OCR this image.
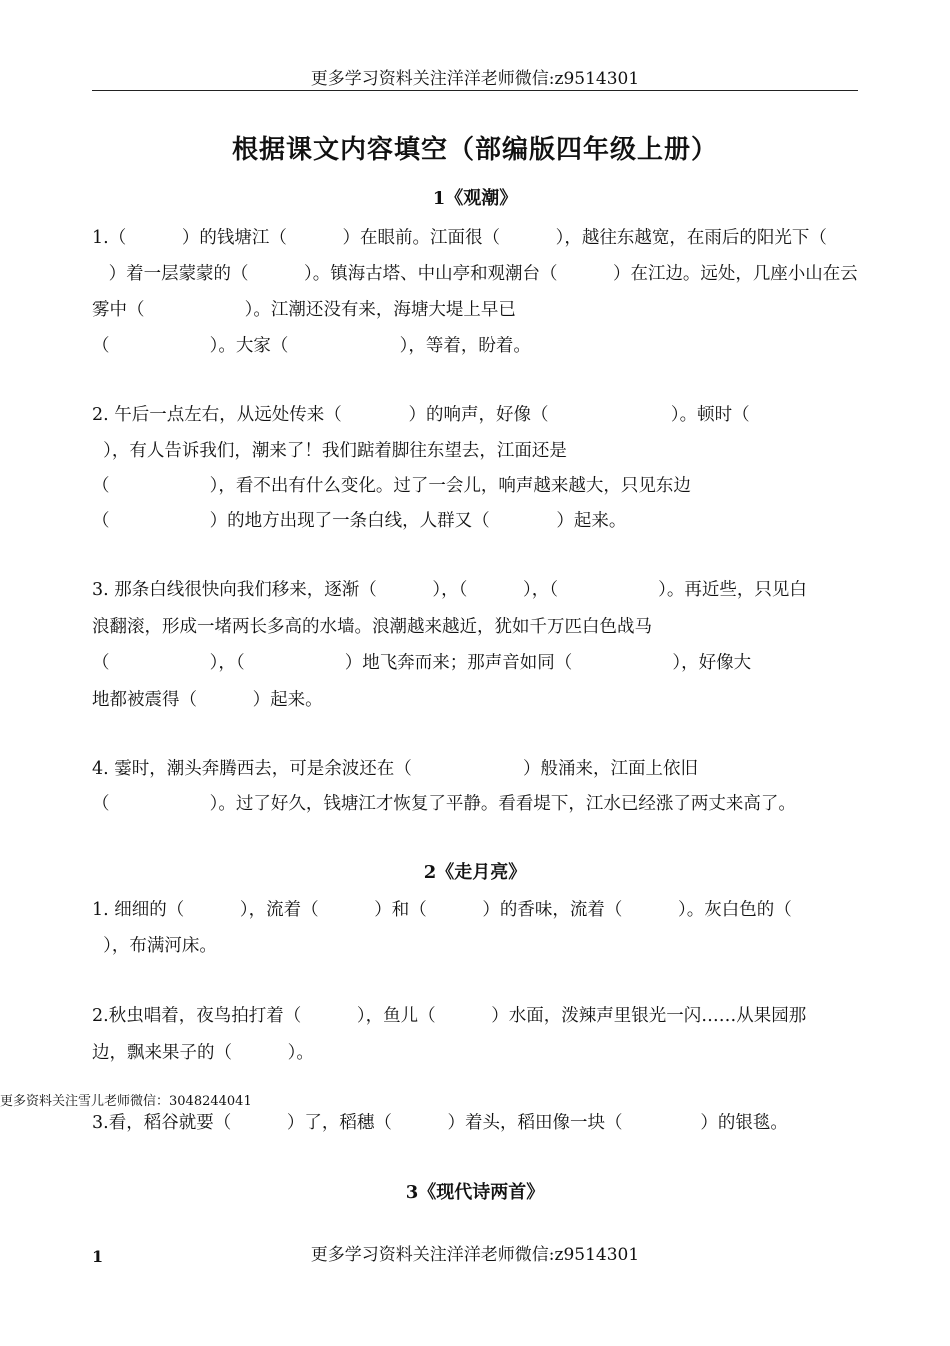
更多学习资料关注洋洋老师微信:z9514301
根据课文内容填空（部编版四年级上册）
1《观潮》
1.（          ）的钱塘江（          ）在眼前。江面很（          ），越往东越宽，在雨后的阳光下（
）着一层蒙蒙的（          ）。镇海古塔、中山亭和观潮台（          ）在江边。远处，几座小山在云
雾中（                  ）。江潮还没有来，海塘大堤上早已
（                  ）。大家（                    ），等着，盼着。
2. 午后一点左右，从远处传来（            ）的响声，好像（                      ）。顿时（
），有人告诉我们，潮来了！我们踮着脚往东望去，江面还是
（                  ），看不出有什么变化。过了一会儿，响声越来越大，只见东边
（                  ）的地方出现了一条白线，人群又（            ）起来。
3. 那条白线很快向我们移来，逐渐（          ），（          ），（                  ）。再近些，只见白
浪翻滚，形成一堵两长多高的水墙。浪潮越来越近，犹如千万匹白色战马
（                  ），（                  ）地飞奔而来；那声音如同（                  ），好像大
地都被震得（          ）起来。
4. 霎时，潮头奔腾西去，可是余波还在（                    ）般涌来，江面上依旧
（                  ）。过了好久，钱塘江才恢复了平静。看看堤下，江水已经涨了两丈来高了。
2《走月亮》
1. 细细的（          ），流着（          ）和（          ）的香味，流着（          ）。灰白色的（
），布满河床。
2.秋虫唱着，夜鸟拍打着（          ），鱼儿（          ）水面，泼辣声里银光一闪……从果园那
边，飘来果子的（          ）。
更多资料关注雪儿老师微信：3048244041
3.看，稻谷就要（          ）了，稻穗（          ）着头，稻田像一块（              ）的银毯。
3《现代诗两首》
1	更多学习资料关注洋洋老师微信:z9514301
